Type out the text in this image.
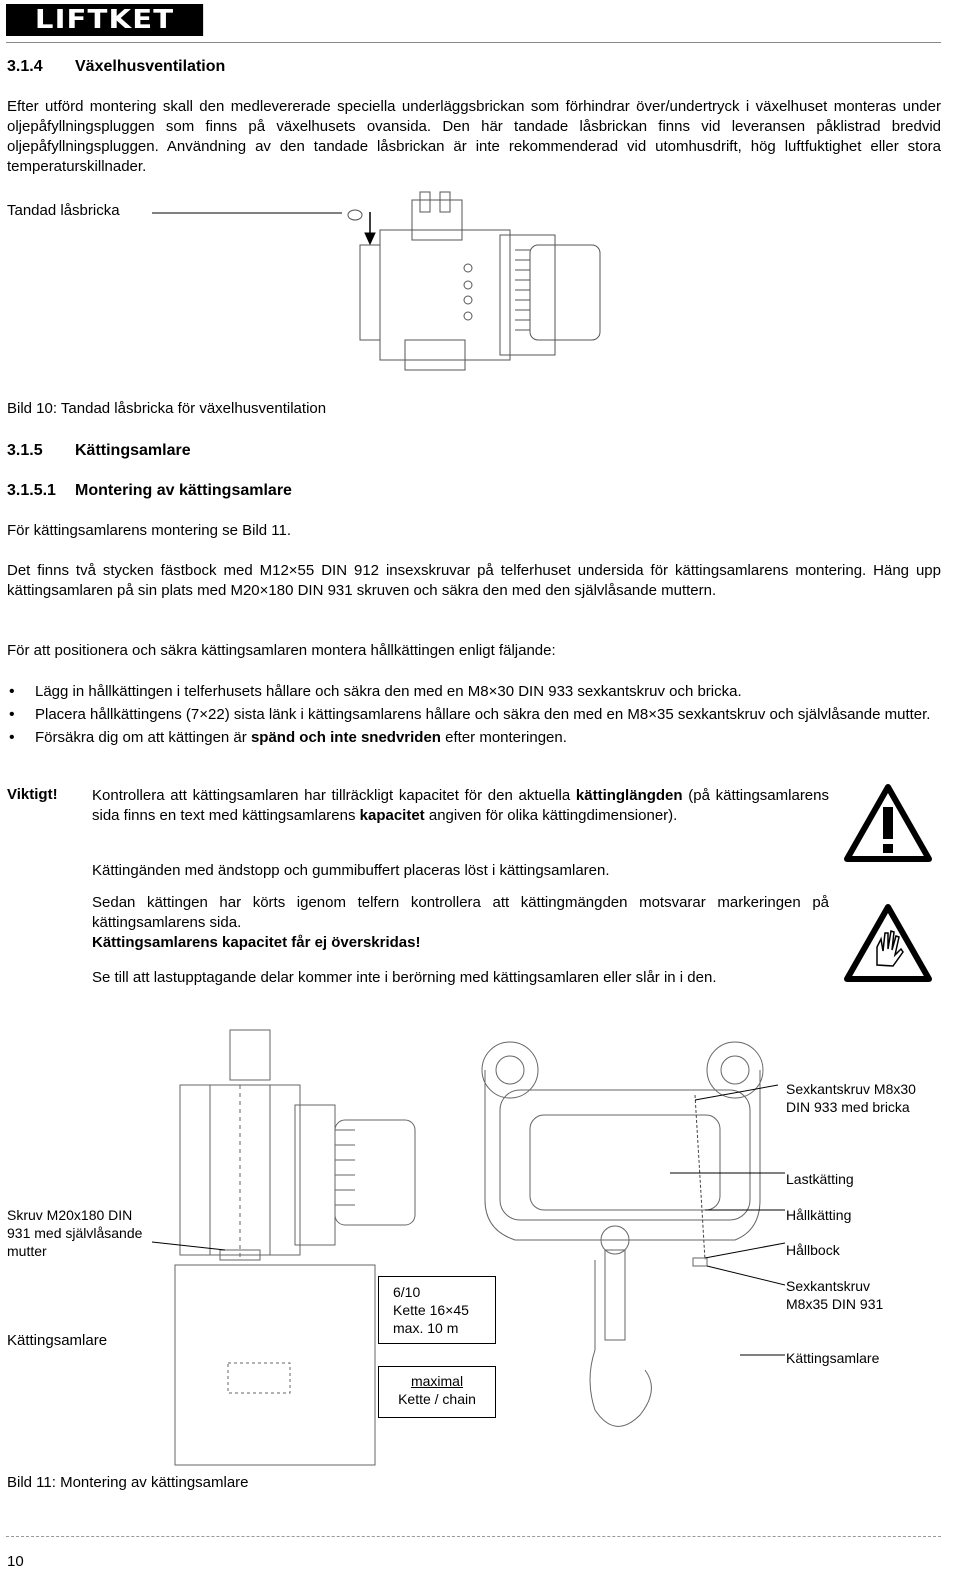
LIFTKET
3.1.4 Växelhusventilation
Efter utförd montering skall den medlevererade speciella underläggsbrickan som förhindrar över/undertryck i växelhuset monteras under oljepåfyllningspluggen som finns på växelhusets ovansida. Den här tandade låsbrickan finns vid leveransen påklistrad bredvid oljepåfyllningspluggen. Användning av den tandade låsbrickan är inte rekommenderad vid utomhusdrift, hög luftfuktighet eller stora temperaturskillnader.
Tandad låsbricka
Bild 10: Tandad låsbricka för växelhusventilation
3.1.5 Kättingsamlare
3.1.5.1 Montering av kättingsamlare
För kättingsamlarens montering se Bild 11.
Det finns två stycken fästbock med M12×55 DIN 912 insexskruvar på telferhuset undersida för kättingsamlarens montering. Häng upp kättingsamlaren på sin plats med M20×180 DIN 931 skruven och säkra den med den självlåsande muttern.
För att positionera och säkra kättingsamlaren montera hållkättingen enligt fäljande:
• Lägg in hållkättingen i telferhusets hållare och säkra den med en M8×30 DIN 933 sexkantskruv och bricka.
• Placera hållkättingens (7×22) sista länk i kättingsamlarens hållare och säkra den med en M8×35 sexkantskruv och självlåsande mutter.
• Försäkra dig om att kättingen är spänd och inte snedvriden efter monteringen.
Viktigt! Kontrollera att kättingsamlaren har tillräckligt kapacitet för den aktuella kättinglängden (på kättingsamlarens sida finns en text med kättingsamlarens kapacitet angiven för olika kättingdimensioner).
Kättingänden med ändstopp och gummibuffert placeras löst i kättingsamlaren.
Sedan kättingen har körts igenom telfern kontrollera att kättingmängden motsvarar markeringen på kättingsamlarens sida.
Kättingsamlarens kapacitet får ej överskridas!
Se till att lastupptagande delar kommer inte i berörning med kättingsamlaren eller slår in i den.
Skruv M20x180 DIN 931 med självlåsande mutter
Kättingsamlare
6/10
Kette 16×45
max. 10 m
maximal
Kette / chain
Sexkantskruv M8x30 DIN 933 med bricka
Lastkätting
Hållkätting
Hållbock
Sexkantskruv M8x35 DIN 931
Kättingsamlare
Bild 11: Montering av kättingsamlare
10
